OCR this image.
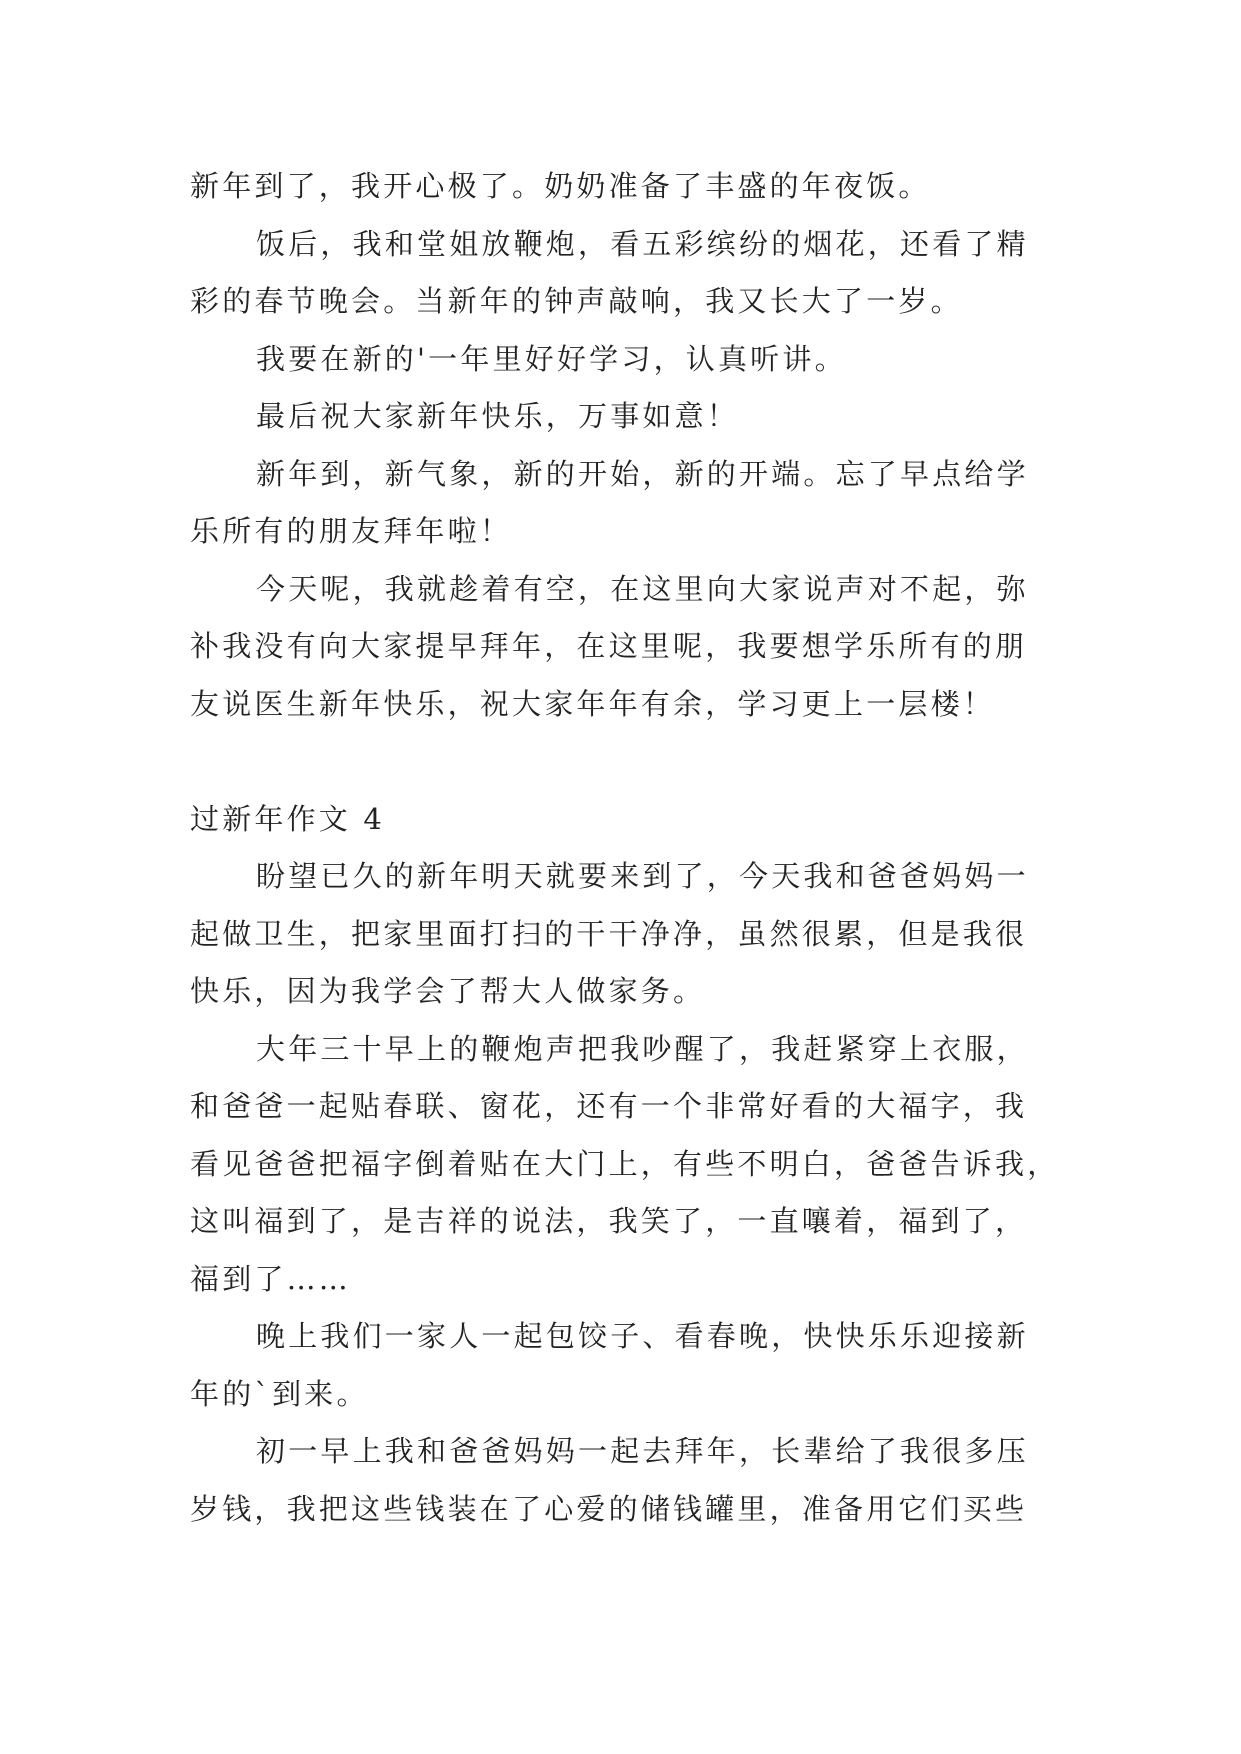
新年到了，我开心极了。奶奶准备了丰盛的年夜饭。
饭后，我和堂姐放鞭炮，看五彩缤纷的烟花，还看了精
彩的春节晚会。当新年的钟声敲响，我又长大了一岁。
我要在新的'一年里好好学习，认真听讲。
最后祝大家新年快乐，万事如意！
新年到，新气象，新的开始，新的开端。忘了早点给学
乐所有的朋友拜年啦！
今天呢，我就趁着有空，在这里向大家说声对不起，弥
补我没有向大家提早拜年，在这里呢，我要想学乐所有的朋
友说医生新年快乐，祝大家年年有余，学习更上一层楼！
过新年作文 4
盼望已久的新年明天就要来到了，今天我和爸爸妈妈一
起做卫生，把家里面打扫的干干净净，虽然很累，但是我很
快乐，因为我学会了帮大人做家务。
大年三十早上的鞭炮声把我吵醒了，我赶紧穿上衣服，
和爸爸一起贴春联、窗花，还有一个非常好看的大福字，我
看见爸爸把福字倒着贴在大门上，有些不明白，爸爸告诉我，
这叫福到了，是吉祥的说法，我笑了，一直嚷着，福到了，
福到了……
晚上我们一家人一起包饺子、看春晚，快快乐乐迎接新
年的`到来。
初一早上我和爸爸妈妈一起去拜年，长辈给了我很多压
岁钱，我把这些钱装在了心爱的储钱罐里，准备用它们买些
